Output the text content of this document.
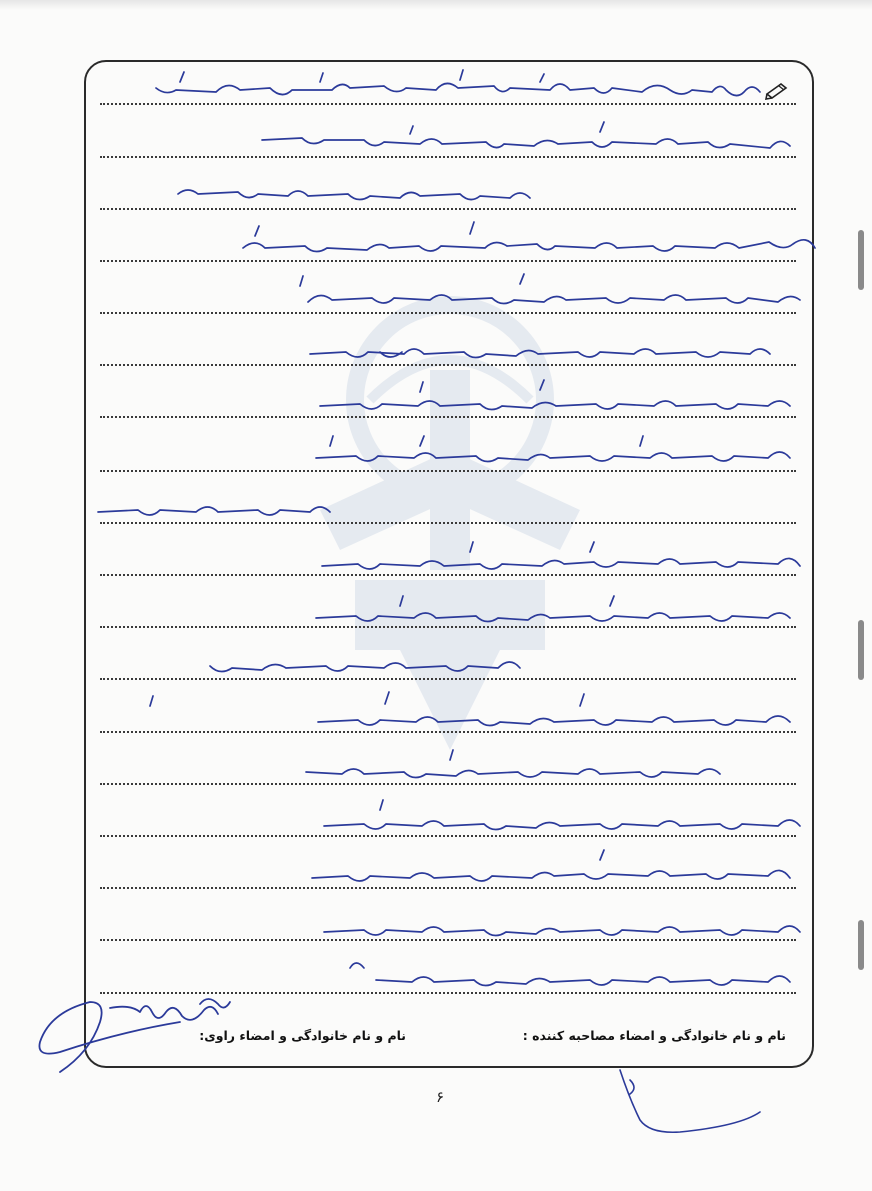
نام و نام خانوادگی و امضاء مصاحبه کننده :
نام و نام خانوادگی و امضاء راوی:
۶
